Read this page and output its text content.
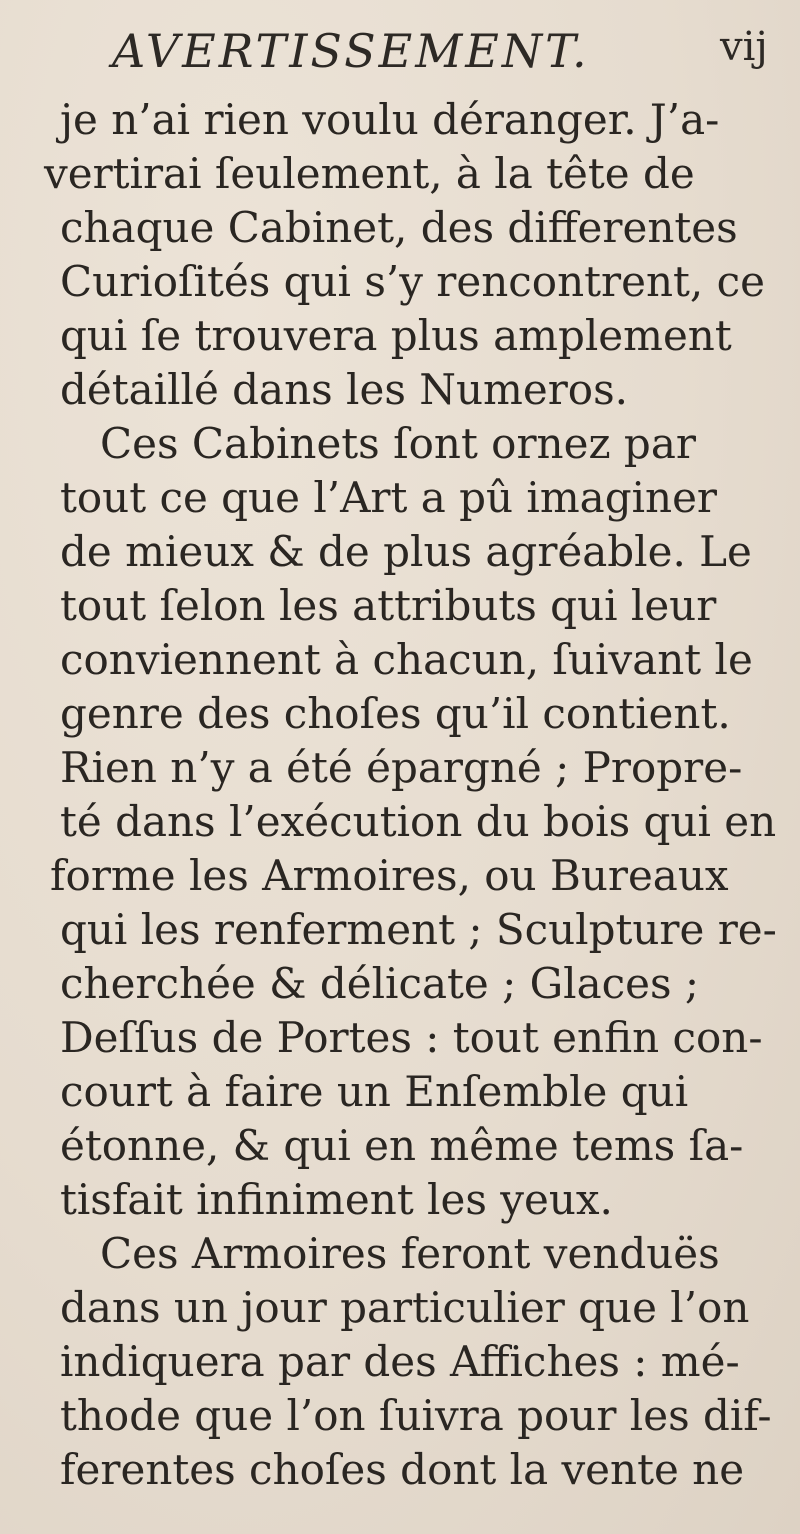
AVERTISSEMENT.	vij
je n’ai rien voulu déranger. J’a-
vertirai ſeulement, à la tête de
chaque Cabinet, des differentes
Curioſités qui s’y rencontrent, ce
qui ſe trouvera plus amplement
détaillé dans les Numeros.
Ces Cabinets ſont ornez par
tout ce que l’Art a pû imaginer
de mieux & de plus agréable. Le
tout ſelon les attributs qui leur
conviennent à chacun, ſuivant le
genre des choſes qu’il contient.
Rien n’y a été épargné ; Propre-
té dans l’exécution du bois qui en
forme les Armoires, ou Bureaux
qui les renferment ; Sculpture re-
cherchée & délicate ; Glaces ;
Deſſus de Portes : tout enfin con-
court à faire un Enſemble qui
étonne, & qui en même tems ſa-
tisfait infiniment les yeux.
Ces Armoires feront venduës
dans un jour particulier que l’on
indiquera par des Affiches : mé-
thode que l’on ſuivra pour les dif-
ferentes choſes dont la vente ne
